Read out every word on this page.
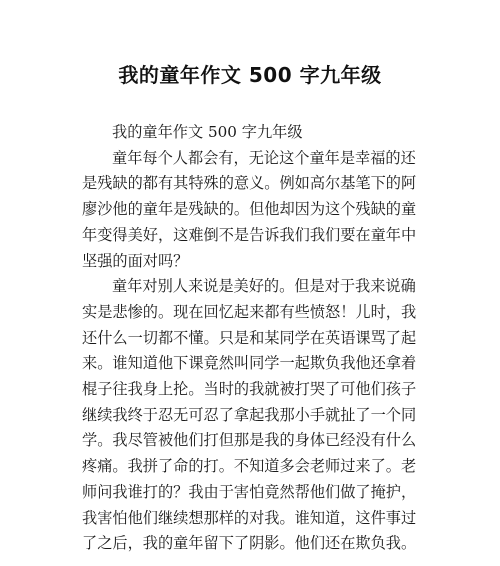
我的童年作文 500 字九年级
我的童年作文 500 字九年级
童年每个人都会有，无论这个童年是幸福的还
是残缺的都有其特殊的意义。例如高尔基笔下的阿
廖沙他的童年是残缺的。但他却因为这个残缺的童
年变得美好，这难倒不是告诉我们我们要在童年中
坚强的面对吗？
童年对别人来说是美好的。但是对于我来说确
实是悲惨的。现在回忆起来都有些愤怒！儿时，我
还什么一切都不懂。只是和某同学在英语课骂了起
来。谁知道他下课竟然叫同学一起欺负我他还拿着
棍子往我身上抡。当时的我就被打哭了可他们孩子
继续我终于忍无可忍了拿起我那小手就扯了一个同
学。我尽管被他们打但那是我的身体已经没有什么
疼痛。我拼了命的打。不知道多会老师过来了。老
师问我谁打的？我由于害怕竟然帮他们做了掩护，
我害怕他们继续想那样的对我。谁知道，这件事过
了之后，我的童年留下了阴影。他们还在欺负我。
